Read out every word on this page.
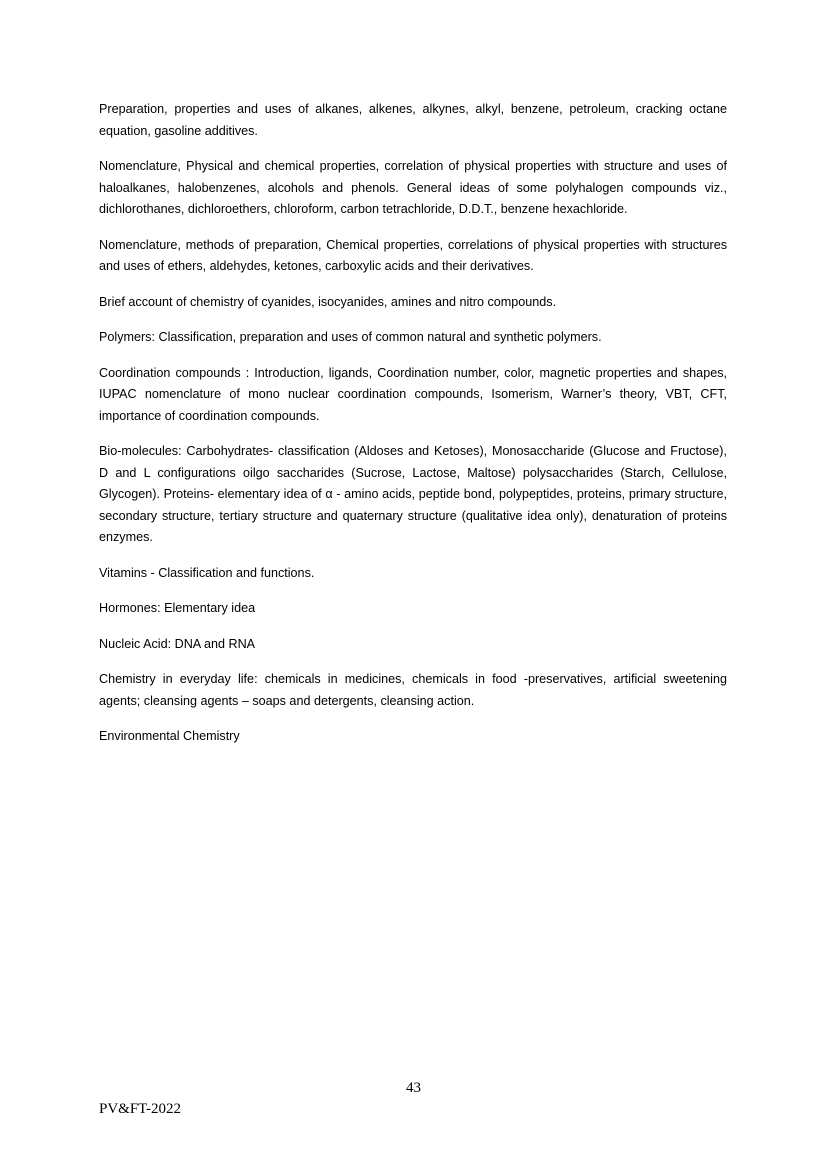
Preparation, properties and uses of alkanes, alkenes, alkynes, alkyl, benzene, petroleum, cracking octane equation, gasoline additives.

Nomenclature, Physical and chemical properties, correlation of physical properties with structure and uses of haloalkanes, halobenzenes, alcohols and phenols. General ideas of some polyhalogen compounds viz., dichlorothanes, dichloroethers, chloroform, carbon tetrachloride, D.D.T., benzene hexachloride.

Nomenclature, methods of preparation, Chemical properties, correlations of physical properties with structures and uses of ethers, aldehydes, ketones, carboxylic acids and their derivatives.

Brief account of chemistry of cyanides, isocyanides, amines and nitro compounds.

Polymers: Classification, preparation and uses of common natural and synthetic polymers.

Coordination compounds : Introduction, ligands, Coordination number, color, magnetic properties and shapes, IUPAC nomenclature of mono nuclear coordination compounds, Isomerism, Warner’s theory, VBT, CFT, importance of coordination compounds.

Bio-molecules: Carbohydrates- classification (Aldoses and Ketoses), Monosaccharide (Glucose and Fructose), D and L configurations oilgo saccharides (Sucrose, Lactose, Maltose) polysaccharides (Starch, Cellulose, Glycogen). Proteins- elementary idea of α - amino acids, peptide bond, polypeptides, proteins, primary structure, secondary structure, tertiary structure and quaternary structure (qualitative idea only), denaturation of proteins enzymes.

Vitamins - Classification and functions.

Hormones: Elementary idea

Nucleic Acid: DNA and RNA

Chemistry in everyday life: chemicals in medicines, chemicals in food -preservatives, artificial sweetening agents; cleansing agents – soaps and detergents, cleansing action.

Environmental Chemistry

43
PV&FT-2022
